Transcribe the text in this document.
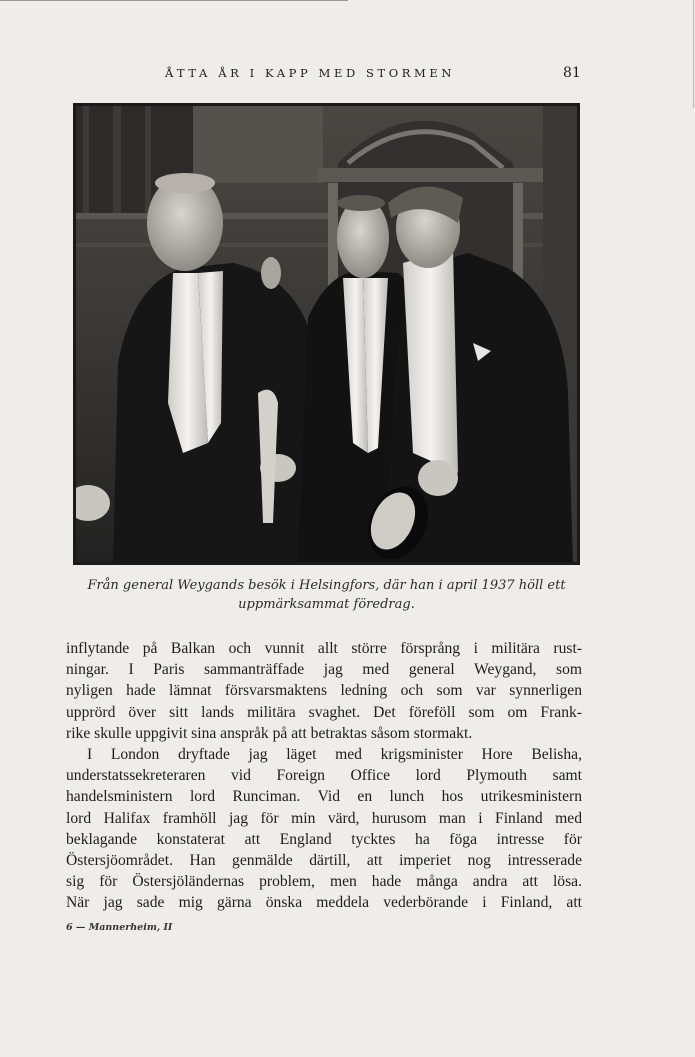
ÅTTA ÅR I KAPP MED STORMEN	81
Från general Weygands besök i Helsingfors, där han i april 1937 höll ett
uppmärksammat föredrag.
inflytande på Balkan och vunnit allt större försprång i militära rust-
ningar. I Paris sammanträffade jag med general Weygand, som
nyligen hade lämnat försvarsmaktens ledning och som var synnerligen
upprörd över sitt lands militära svaghet. Det föreföll som om Frank-
rike skulle uppgivit sina anspråk på att betraktas såsom stormakt.
I London dryftade jag läget med krigsminister Hore Belisha,
understatssekreteraren vid Foreign Office lord Plymouth samt
handelsministern lord Runciman. Vid en lunch hos utrikesministern
lord Halifax framhöll jag för min värd, hurusom man i Finland med
beklagande konstaterat att England tycktes ha föga intresse för
Östersjöområdet. Han genmälde därtill, att imperiet nog intresserade
sig för Östersjöländernas problem, men hade många andra att lösa.
När jag sade mig gärna önska meddela vederbörande i Finland, att
6 — Mannerheim, II
